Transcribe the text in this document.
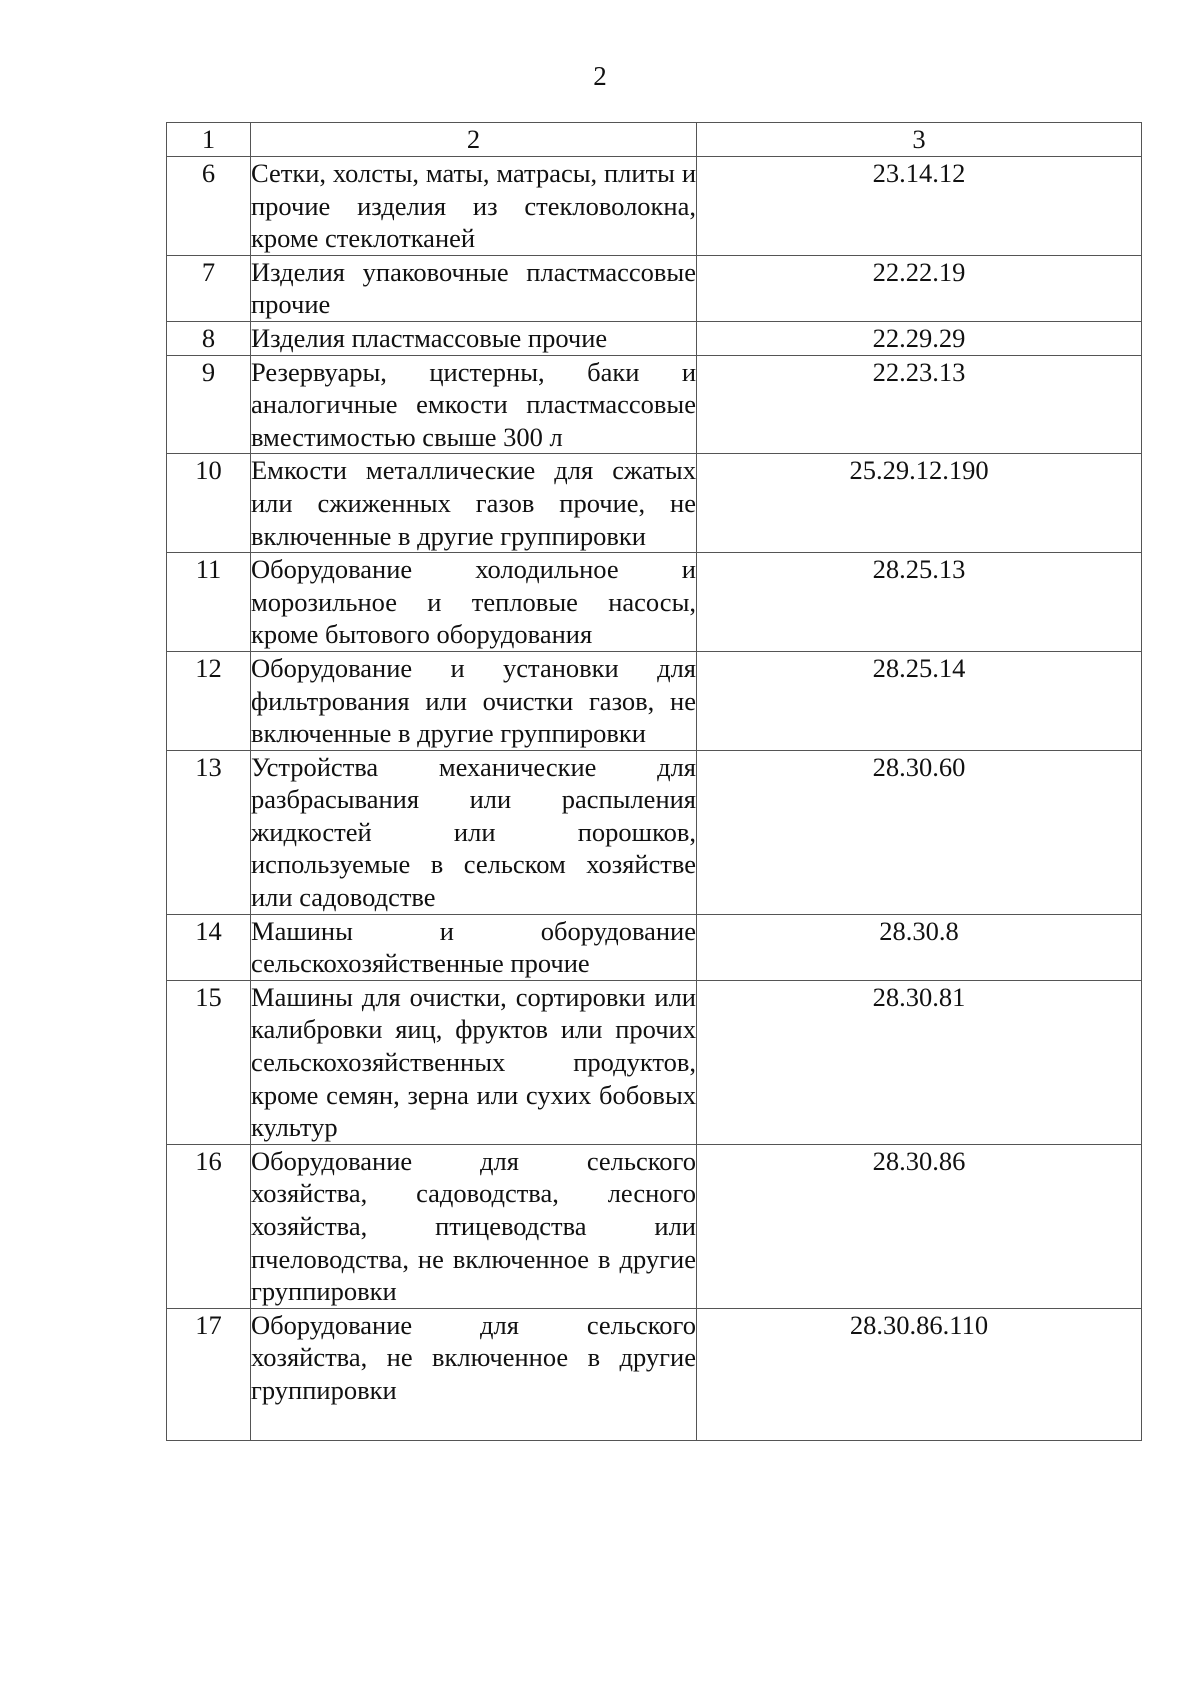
2
1	2	3
6	Сетки, холсты, маты, матрасы, плиты и прочие изделия из стекловолокна, кроме стеклотканей	23.14.12
7	Изделия упаковочные пластмассовые прочие	22.22.19
8	Изделия пластмассовые прочие	22.29.29
9	Резервуары, цистерны, баки и аналогичные емкости пластмассовые вместимостью свыше 300 л	22.23.13
10	Емкости металлические для сжатых или сжиженных газов прочие, не включенные в другие группировки	25.29.12.190
11	Оборудование холодильное и морозильное и тепловые насосы, кроме бытового оборудования	28.25.13
12	Оборудование и установки для фильтрования или очистки газов, не включенные в другие группировки	28.25.14
13	Устройства механические для разбрасывания или распыления жидкостей или порошков, используемые в сельском хозяйстве или садоводстве	28.30.60
14	Машины и оборудование сельскохозяйственные прочие	28.30.8
15	Машины для очистки, сортировки или калибровки яиц, фруктов или прочих сельскохозяйственных продуктов, кроме семян, зерна или сухих бобовых культур	28.30.81
16	Оборудование для сельского хозяйства, садоводства, лесного хозяйства, птицеводства или пчеловодства, не включенное в другие группировки	28.30.86
17	Оборудование для сельского хозяйства, не включенное в другие группировки	28.30.86.110
